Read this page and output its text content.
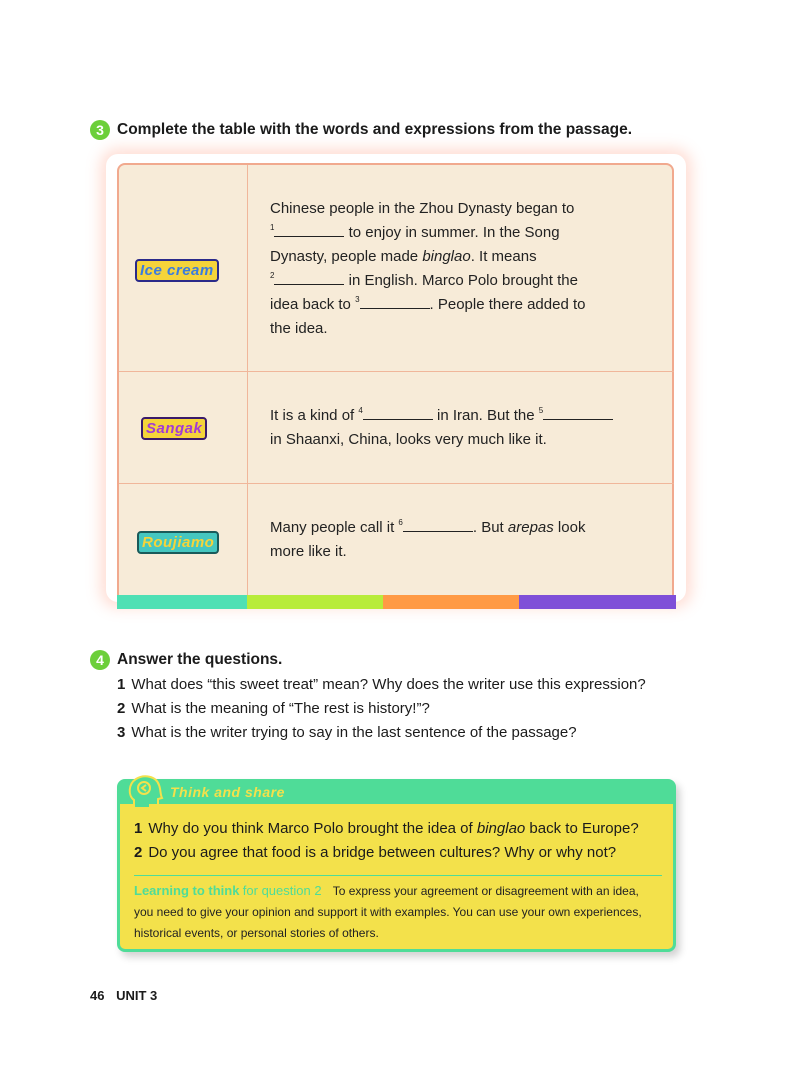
3 Complete the table with the words and expressions from the passage.
Ice cream
Chinese people in the Zhou Dynasty began to
$^1$	to enjoy in summer. In the Song
Dynasty, people made binglao. It means
$^2$	in English. Marco Polo brought the
idea back to $^3$	. People there added to
the idea.
Sangak
It is a kind of $^4$	in Iran. But the $^5$
in Shaanxi, China, looks very much like it.
Roujiamo
Many people call it $^6$	. But arepas look
more like it.
4 Answer the questions.
1 What does “this sweet treat” mean? Why does the writer use this expression?
2 What is the meaning of “The rest is history!”?
3 What is the writer trying to say in the last sentence of the passage?
Think and share
1 Why do you think Marco Polo brought the idea of binglao back to Europe?
2 Do you agree that food is a bridge between cultures? Why or why not?
Learning to think for question 2 To express your agreement or disagreement with an idea, you need to give your opinion and support it with examples. You can use your own experiences, historical events, or personal stories of others.
46 UNIT 3
